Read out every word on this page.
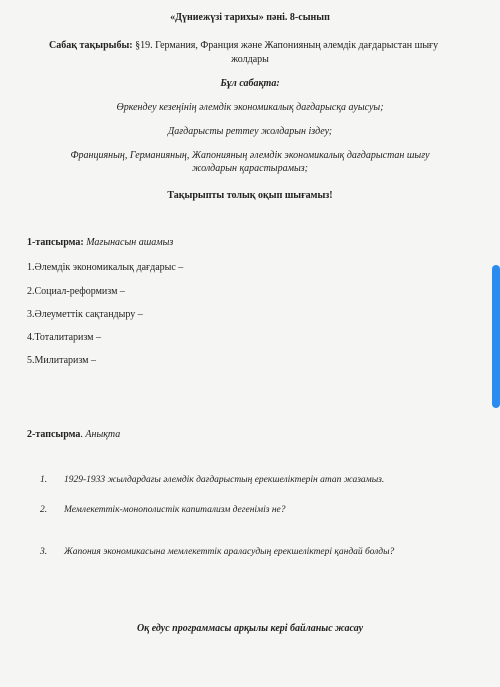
«Дүниежүзі тарихы» пәні. 8-сынып
Сабақ тақырыбы: §19. Германия, Франция және Жапонияның әлемдік дағдарыстан шығу
жолдары
Бұл сабақта:
Өркендеу кезеңінің әлемдік экономикалық дағдарысқа ауысуы;
Дағдарысты реттеу жолдарын іздеу;
Францияның, Германияның, Жапонияның әлемдік экономикалық дағдарыстан шығу
жолдарын қарастырамыз;
Тақырыпты толық оқып шығамыз!
1-тапсырма: Мағынасын ашамыз
1.Әлемдік экономикалық дағдарыс –
2.Социал-реформизм –
3.Әлеуметтік сақтандыру –
4.Тоталитаризм –
5.Милитаризм –
2-тапсырма. Анықта
1. 1929-1933 жылдардағы әлемдік дағдарыстың ерекшеліктерін атап жазамыз.
2. Мемлекеттік-монополистік капитализм дегеніміз не?
3. Жапония экономикасына мемлекеттік араласудың ерекшеліктері қандай болды?
Оқ едус программасы арқылы кері байланыс жасау
